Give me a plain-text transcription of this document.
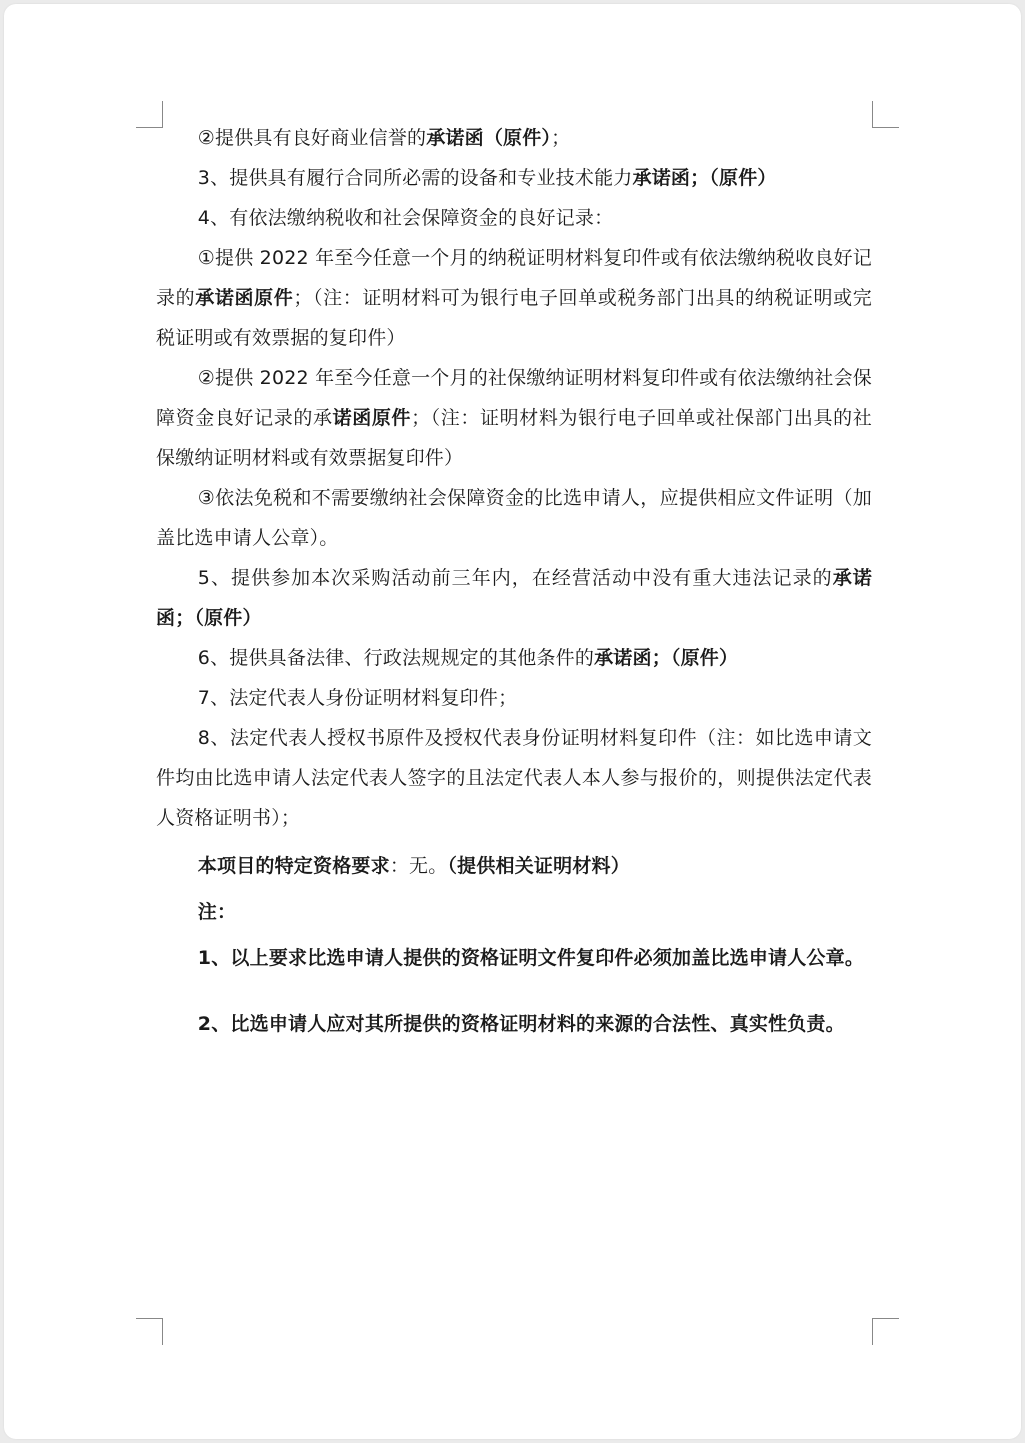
②提供具有良好商业信誉的承诺函（原件）；

3、提供具有履行合同所必需的设备和专业技术能力承诺函；（原件）

4、有依法缴纳税收和社会保障资金的良好记录：

①提供 2022 年至今任意一个月的纳税证明材料复印件或有依法缴纳税收良好记录的承诺函原件；（注：证明材料可为银行电子回单或税务部门出具的纳税证明或完税证明或有效票据的复印件）

②提供 2022 年至今任意一个月的社保缴纳证明材料复印件或有依法缴纳社会保障资金良好记录的承诺函原件；（注：证明材料为银行电子回单或社保部门出具的社保缴纳证明材料或有效票据复印件）

③依法免税和不需要缴纳社会保障资金的比选申请人，应提供相应文件证明（加盖比选申请人公章）。

5、提供参加本次采购活动前三年内，在经营活动中没有重大违法记录的承诺函；（原件）

6、提供具备法律、行政法规规定的其他条件的承诺函；（原件）

7、法定代表人身份证明材料复印件；

8、法定代表人授权书原件及授权代表身份证明材料复印件（注：如比选申请文件均由比选申请人法定代表人签字的且法定代表人本人参与报价的，则提供法定代表人资格证明书）；

本项目的特定资格要求：无。（提供相关证明材料）

注：

1、以上要求比选申请人提供的资格证明文件复印件必须加盖比选申请人公章。

2、比选申请人应对其所提供的资格证明材料的来源的合法性、真实性负责。
